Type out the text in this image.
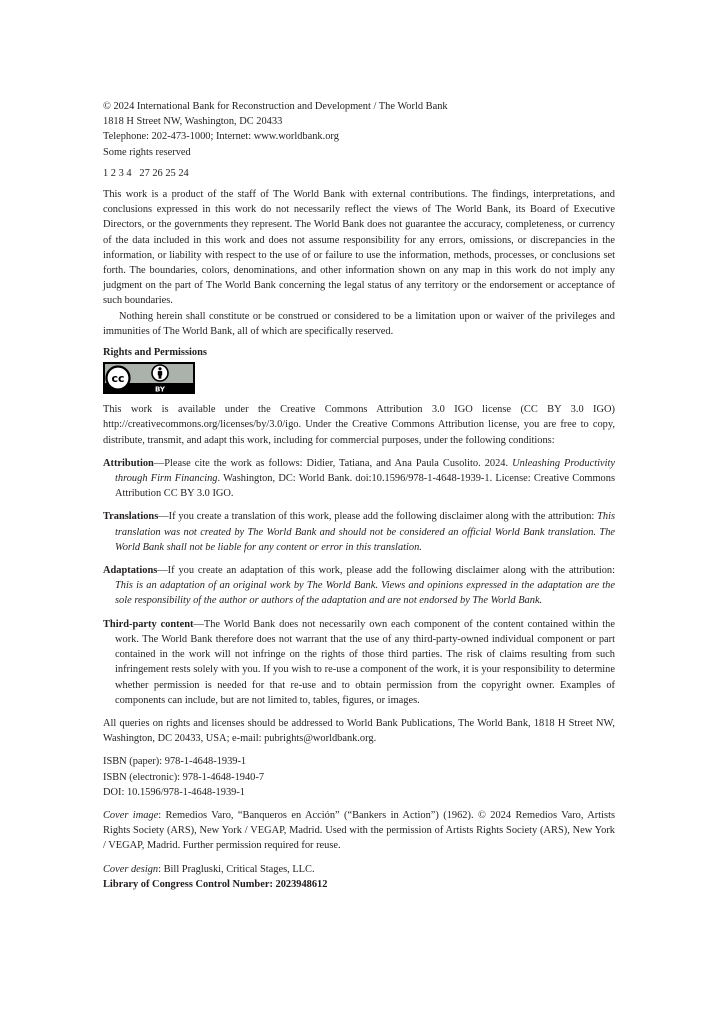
© 2024 International Bank for Reconstruction and Development / The World Bank
1818 H Street NW, Washington, DC 20433
Telephone: 202-473-1000; Internet: www.worldbank.org
Some rights reserved
1 2 3 4   27 26 25 24
This work is a product of the staff of The World Bank with external contributions. The findings, interpretations, and conclusions expressed in this work do not necessarily reflect the views of The World Bank, its Board of Executive Directors, or the governments they represent. The World Bank does not guarantee the accuracy, completeness, or currency of the data included in this work and does not assume responsibility for any errors, omissions, or discrepancies in the information, or liability with respect to the use of or failure to use the information, methods, processes, or conclusions set forth. The boundaries, colors, denominations, and other information shown on any map in this work do not imply any judgment on the part of The World Bank concerning the legal status of any territory or the endorsement or acceptance of such boundaries.
Nothing herein shall constitute or be construed or considered to be a limitation upon or waiver of the privileges and immunities of The World Bank, all of which are specifically reserved.
Rights and Permissions
cc
BY
This work is available under the Creative Commons Attribution 3.0 IGO license (CC BY 3.0 IGO) http://creativecommons.org/licenses/by/3.0/igo. Under the Creative Commons Attribution license, you are free to copy, distribute, transmit, and adapt this work, including for commercial purposes, under the following conditions:
Attribution—Please cite the work as follows: Didier, Tatiana, and Ana Paula Cusolito. 2024. Unleashing Productivity through Firm Financing. Washington, DC: World Bank. doi:10.1596/978-1-4648-1939-1. License: Creative Commons Attribution CC BY 3.0 IGO.
Translations—If you create a translation of this work, please add the following disclaimer along with the attribution: This translation was not created by The World Bank and should not be considered an official World Bank translation. The World Bank shall not be liable for any content or error in this translation.
Adaptations—If you create an adaptation of this work, please add the following disclaimer along with the attribution: This is an adaptation of an original work by The World Bank. Views and opinions expressed in the adaptation are the sole responsibility of the author or authors of the adaptation and are not endorsed by The World Bank.
Third-party content—The World Bank does not necessarily own each component of the content contained within the work. The World Bank therefore does not warrant that the use of any third-party-owned individual component or part contained in the work will not infringe on the rights of those third parties. The risk of claims resulting from such infringement rests solely with you. If you wish to re-use a component of the work, it is your responsibility to determine whether permission is needed for that re-use and to obtain permission from the copyright owner. Examples of components can include, but are not limited to, tables, figures, or images.
All queries on rights and licenses should be addressed to World Bank Publications, The World Bank, 1818 H Street NW, Washington, DC 20433, USA; e-mail: pubrights@worldbank.org.
ISBN (paper): 978-1-4648-1939-1
ISBN (electronic): 978-1-4648-1940-7
DOI: 10.1596/978-1-4648-1939-1
Cover image: Remedios Varo, “Banqueros en Acción” (“Bankers in Action”) (1962). © 2024 Remedios Varo, Artists Rights Society (ARS), New York / VEGAP, Madrid. Used with the permission of Artists Rights Society (ARS), New York / VEGAP, Madrid. Further permission required for reuse.
Cover design: Bill Pragluski, Critical Stages, LLC.
Library of Congress Control Number: 2023948612
